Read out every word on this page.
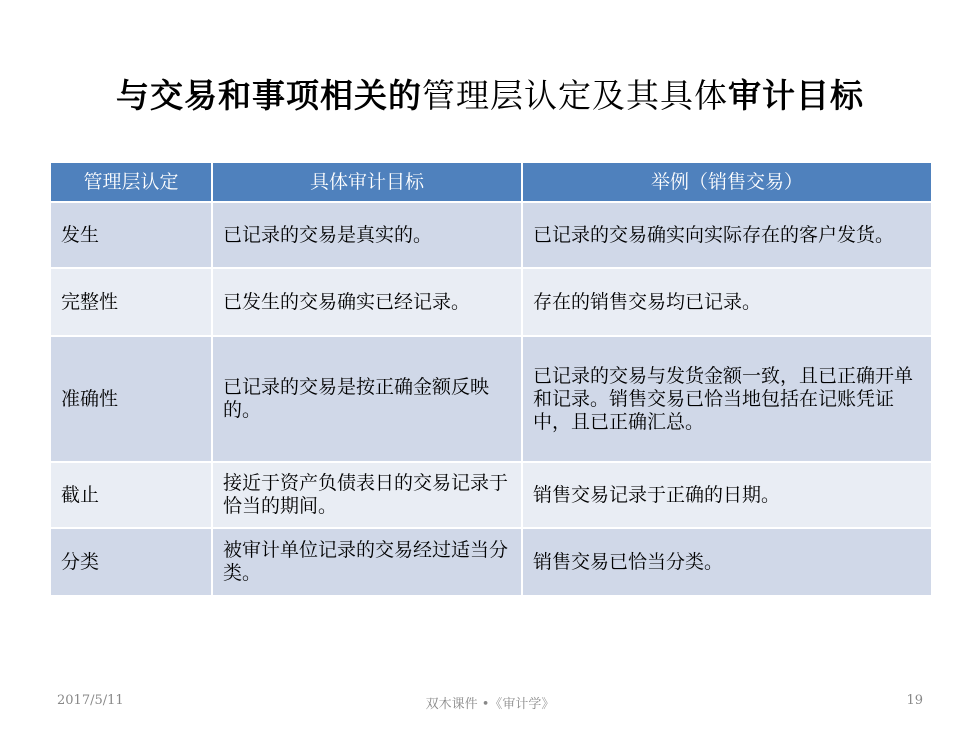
与交易和事项相关的管理层认定及其具体审计目标
管理层认定	具体审计目标	举例（销售交易）
发生	已记录的交易是真实的。	已记录的交易确实向实际存在的客户发货。
完整性	已发生的交易确实已经记录。	存在的销售交易均已记录。
准确性	已记录的交易是按正确金额反映的。	已记录的交易与发货金额一致，且已正确开单和记录。销售交易已恰当地包括在记账凭证中，且已正确汇总。
截止	接近于资产负债表日的交易记录于恰当的期间。	销售交易记录于正确的日期。
分类	被审计单位记录的交易经过适当分类。	销售交易已恰当分类。
2017/5/11	双木课件 •《审计学》	19
